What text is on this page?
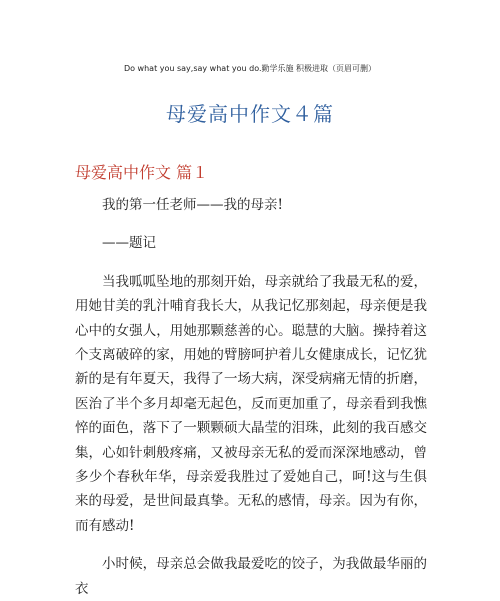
Do what you say,say what you do.勤学乐施 积极进取（页眉可删）
母爱高中作文４篇
母爱高中作文 篇１

我的第一任老师——我的母亲!

——题记

当我呱呱坠地的那刻开始，母亲就给了我最无私的爱，用她甘美的乳汁哺育我长大，从我记忆那刻起，母亲便是我心中的女强人，用她那颗慈善的心。聪慧的大脑。操持着这个支离破碎的家，用她的臂膀呵护着儿女健康成长，记忆犹新的是有年夏天，我得了一场大病，深受病痛无情的折磨，医治了半个多月却毫无起色，反而更加重了，母亲看到我憔悴的面色，落下了一颗颗硕大晶莹的泪珠，此刻的我百感交集，心如针刺般疼痛，又被母亲无私的爱而深深地感动，曾多少个春秋年华，母亲爱我胜过了爱她自己，呵!这与生俱来的母爱，是世间最真挚。无私的感情，母亲。因为有你，而有感动!

小时候，母亲总会做我最爱吃的饺子，为我做最华丽的衣
